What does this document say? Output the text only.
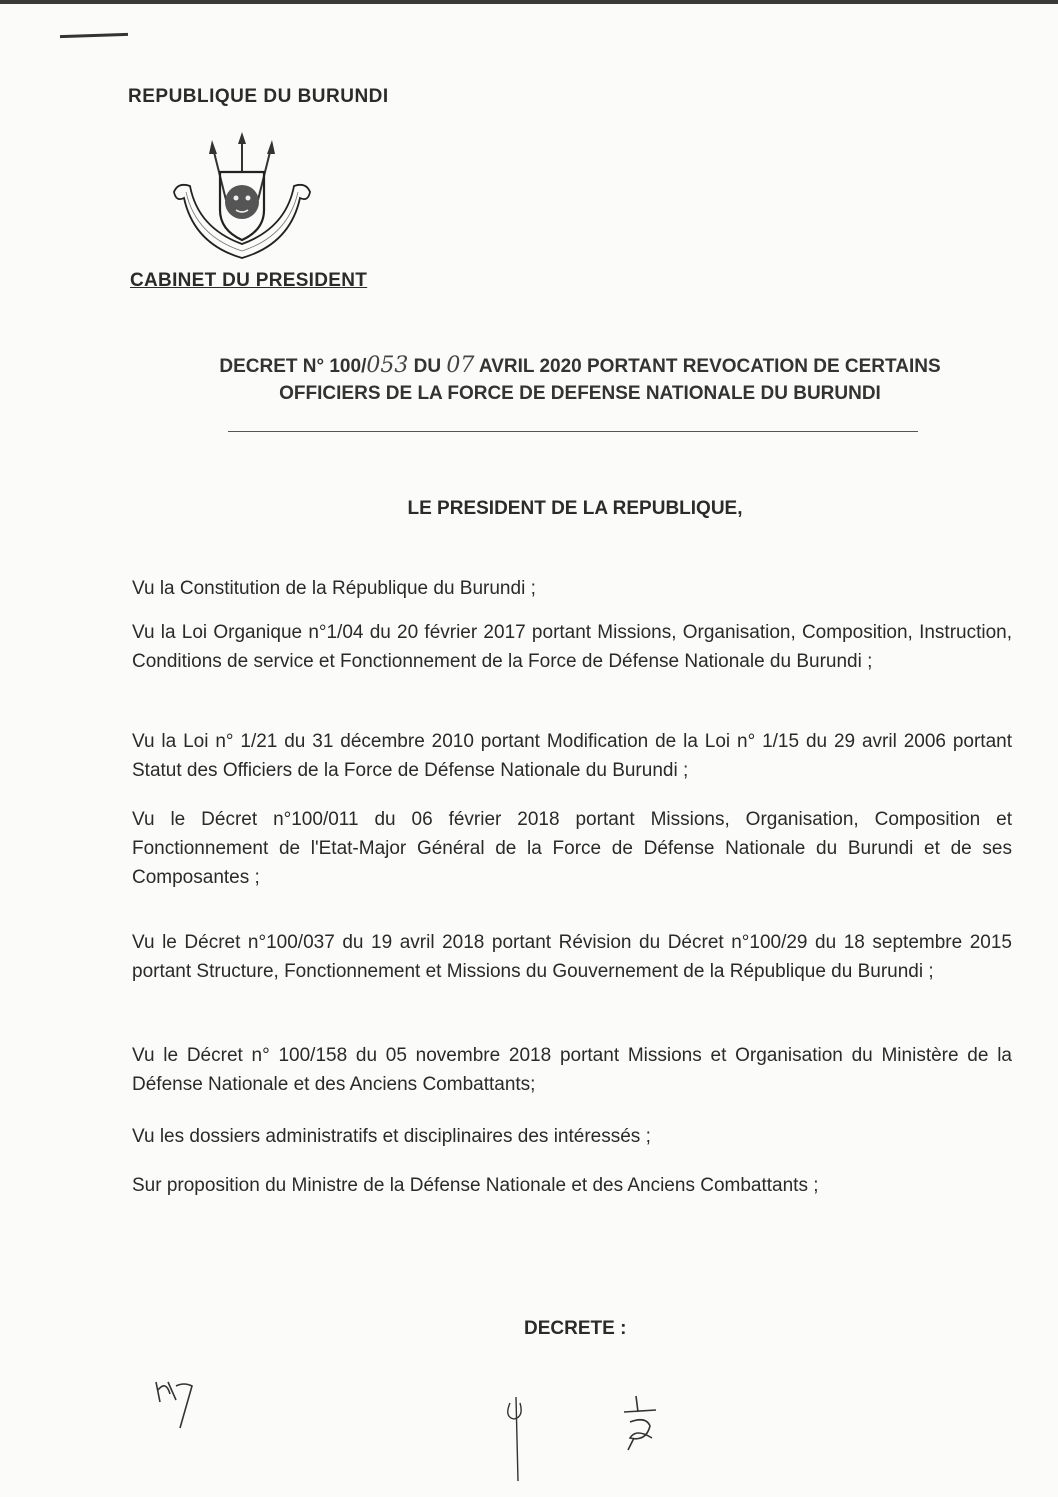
REPUBLIQUE DU BURUNDI
CABINET DU PRESIDENT
DECRET N° 100/053 DU 07 AVRIL 2020 PORTANT REVOCATION DE CERTAINS
OFFICIERS DE LA FORCE DE DEFENSE NATIONALE DU BURUNDI
LE PRESIDENT DE LA REPUBLIQUE,
Vu la Constitution de la République du Burundi ;
Vu la Loi Organique n°1/04 du 20 février 2017 portant Missions, Organisation, Composition, Instruction, Conditions de service et Fonctionnement de la Force de Défense Nationale du Burundi ;
Vu la Loi n° 1/21 du 31 décembre 2010 portant Modification de la Loi n° 1/15 du 29 avril 2006 portant Statut des Officiers de la Force de Défense Nationale du Burundi ;
Vu le Décret n°100/011 du 06 février 2018 portant Missions, Organisation, Composition et Fonctionnement de l'Etat-Major Général de la Force de Défense Nationale du Burundi et de ses Composantes ;
Vu le Décret n°100/037 du 19 avril 2018 portant Révision du Décret n°100/29 du 18 septembre 2015 portant Structure, Fonctionnement et Missions du Gouvernement de la République du Burundi ;
Vu le Décret n° 100/158 du 05 novembre 2018 portant Missions et Organisation du Ministère de la Défense Nationale et des Anciens Combattants;
Vu les dossiers administratifs et disciplinaires des intéressés ;
Sur proposition du Ministre de la Défense Nationale et des Anciens Combattants ;
DECRETE :
